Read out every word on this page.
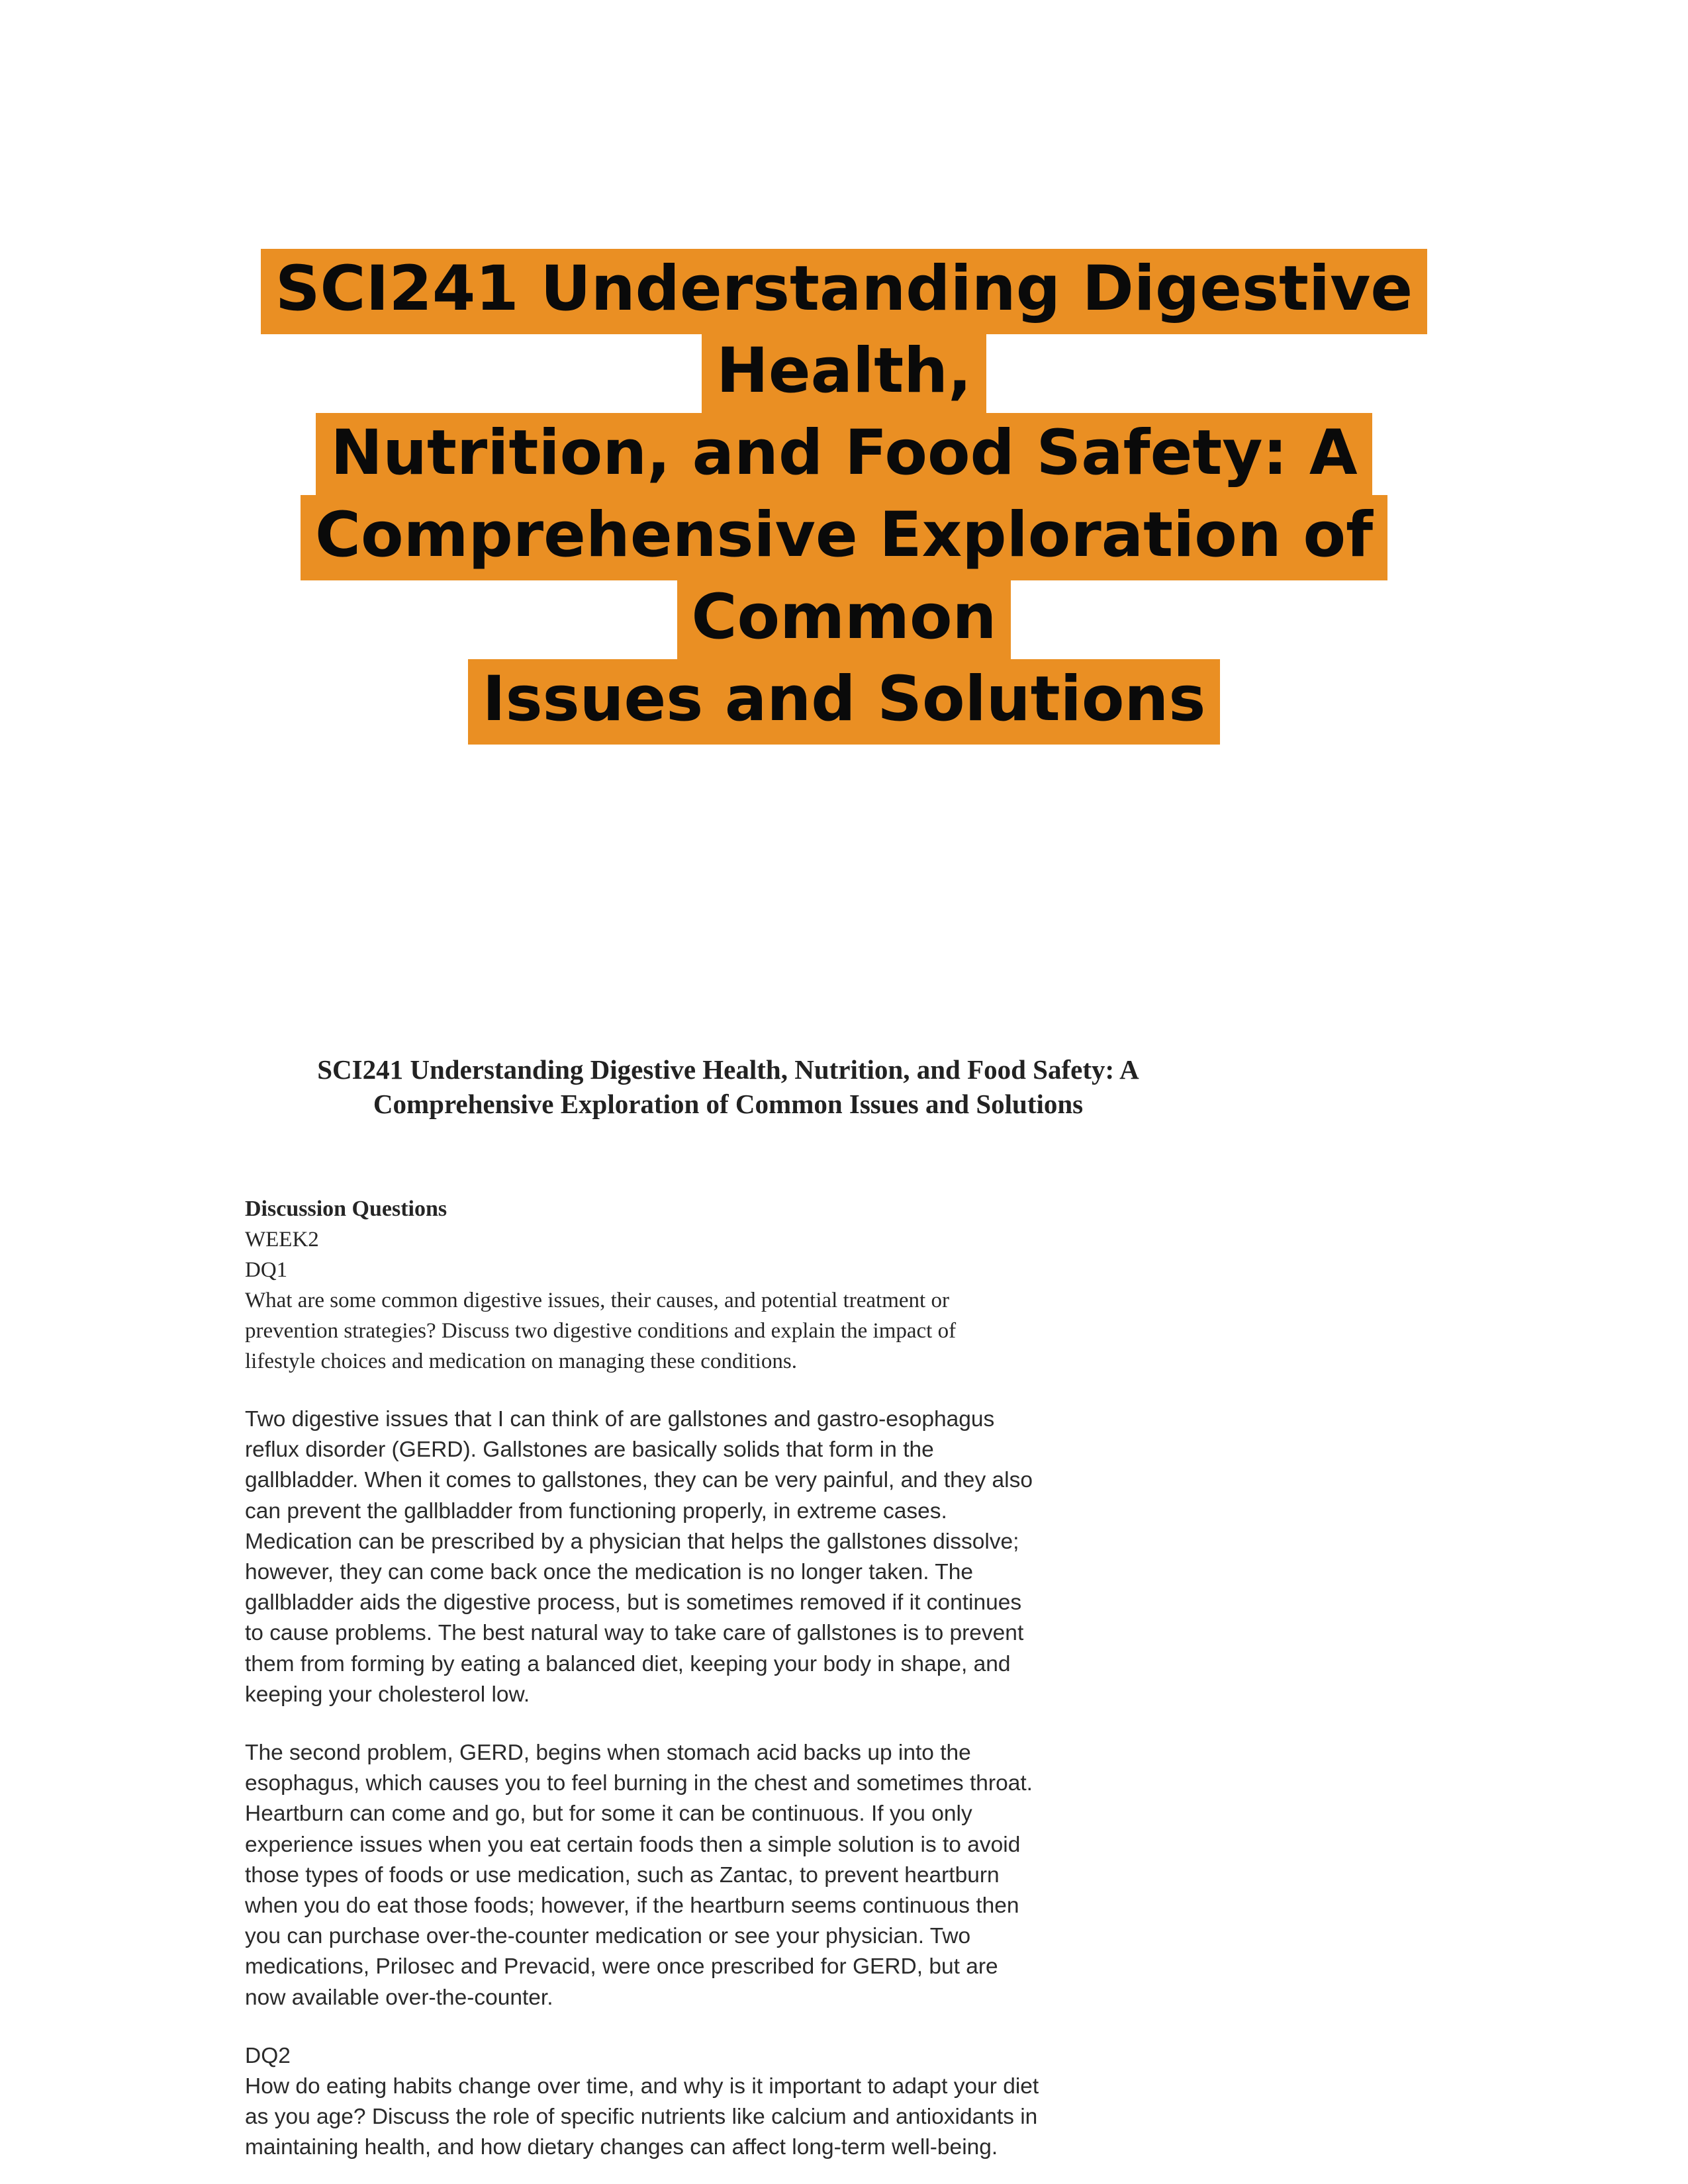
SCI241 Understanding Digestive Health,
Nutrition, and Food Safety: A
Comprehensive Exploration of Common
Issues and Solutions
SCI241 Understanding Digestive Health, Nutrition, and Food Safety: A
Comprehensive Exploration of Common Issues and Solutions
Discussion Questions
WEEK2
DQ1
What are some common digestive issues, their causes, and potential treatment or
prevention strategies? Discuss two digestive conditions and explain the impact of
lifestyle choices and medication on managing these conditions.
Two digestive issues that I can think of are gallstones and gastro-esophagus
reflux disorder (GERD). Gallstones are basically solids that form in the
gallbladder. When it comes to gallstones, they can be very painful, and they also
can prevent the gallbladder from functioning properly, in extreme cases.
Medication can be prescribed by a physician that helps the gallstones dissolve;
however, they can come back once the medication is no longer taken. The
gallbladder aids the digestive process, but is sometimes removed if it continues
to cause problems. The best natural way to take care of gallstones is to prevent
them from forming by eating a balanced diet, keeping your body in shape, and
keeping your cholesterol low.
The second problem, GERD, begins when stomach acid backs up into the
esophagus, which causes you to feel burning in the chest and sometimes throat.
Heartburn can come and go, but for some it can be continuous. If you only
experience issues when you eat certain foods then a simple solution is to avoid
those types of foods or use medication, such as Zantac, to prevent heartburn
when you do eat those foods; however, if the heartburn seems continuous then
you can purchase over-the-counter medication or see your physician. Two
medications, Prilosec and Prevacid, were once prescribed for GERD, but are
now available over-the-counter.
DQ2
How do eating habits change over time, and why is it important to adapt your diet
as you age? Discuss the role of specific nutrients like calcium and antioxidants in
maintaining health, and how dietary changes can affect long-term well-being.
